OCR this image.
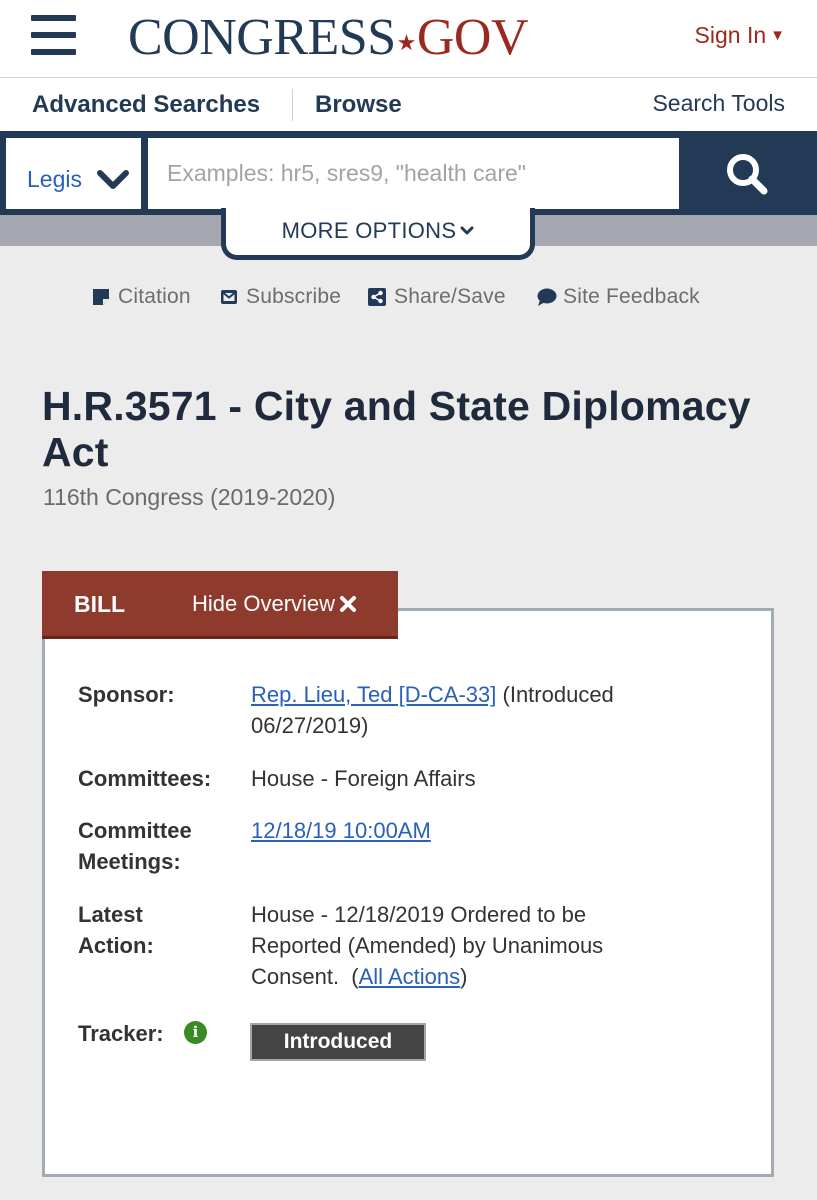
CONGRESS★GOV	Sign In ▼
Advanced Searches Browse	Search Tools
Legis
Examples: hr5, sres9, "health care"
MORE OPTIONS
Citation	Subscribe	Share/Save	Site Feedback
H.R.3571 - City and State Diplomacy Act
116th Congress (2019-2020)
BILL	Hide Overview
Sponsor:	Rep. Lieu, Ted [D-CA-33] (Introduced 06/27/2019)
Committees: House - Foreign Affairs
Committee Meetings:
12/18/19 10:00AM
Latest Action:
House - 12/18/2019 Ordered to be Reported (Amended) by Unanimous Consent.  (All Actions)
Tracker:	i	Introduced
